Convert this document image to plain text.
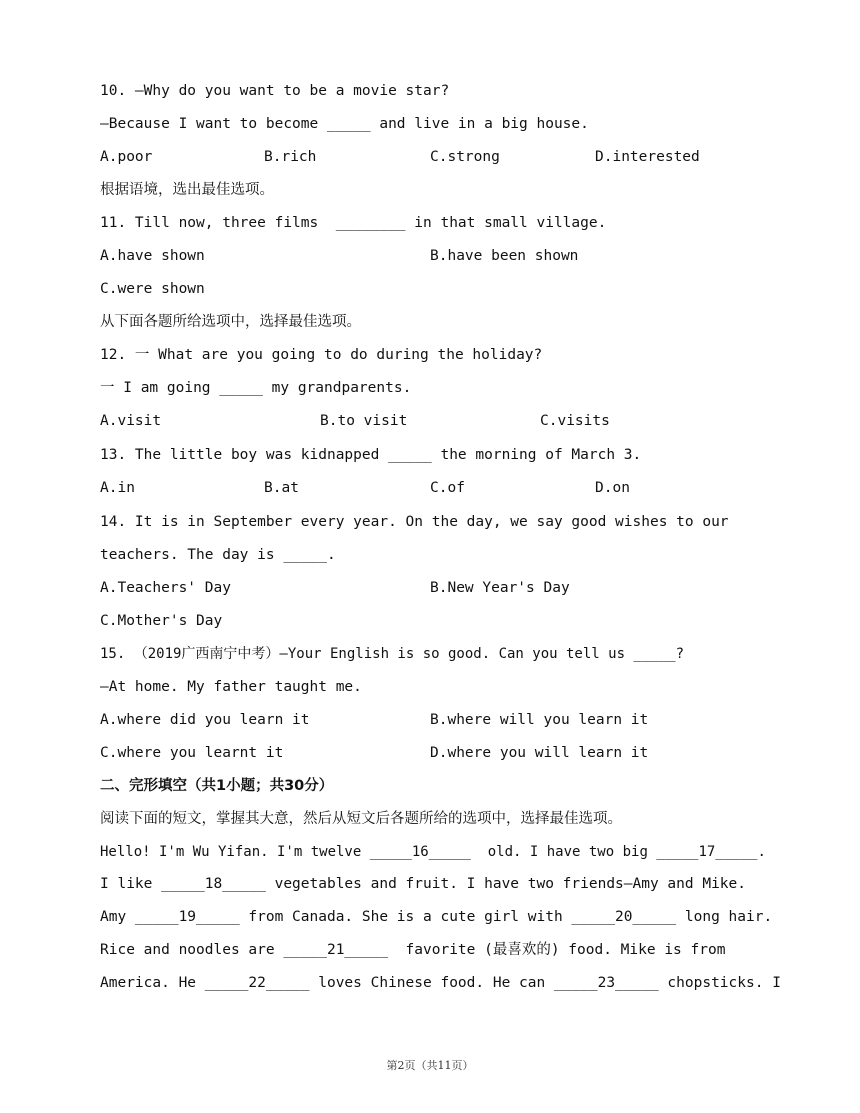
10. —Why do you want to be a movie star?
—Because I want to become _____ and live in a big house.
A.poor	B.rich	C.strong	D.interested
根据语境，选出最佳选项。
11. Till now, three films  ________ in that small village.
A.have shown	B.have been shown
C.were shown
从下面各题所给选项中，选择最佳选项。
12. 一 What are you going to do during the holiday?
一 I am going _____ my grandparents.
A.visit	B.to visit	C.visits
13. The little boy was kidnapped _____ the morning of March 3.
A.in	B.at	C.of	D.on
14. It is in September every year. On the day, we say good wishes to our
teachers. The day is _____.
A.Teachers' Day	B.New Year's Day
C.Mother's Day
15. （2019广西南宁中考）—Your English is so good. Can you tell us _____?
—At home. My father taught me.
A.where did you learn it	B.where will you learn it
C.where you learnt it	D.where you will learn it
二、完形填空（共1小题；共30分）
阅读下面的短文，掌握其大意，然后从短文后各题所给的选项中，选择最佳选项。
Hello! I'm Wu Yifan. I'm twelve _____16_____  old. I have two big _____17_____.
I like _____18_____ vegetables and fruit. I have two friends—Amy and Mike.
Amy _____19_____ from Canada. She is a cute girl with _____20_____ long hair.
Rice and noodles are _____21_____  favorite (最喜欢的) food. Mike is from
America. He _____22_____ loves Chinese food. He can _____23_____ chopsticks. I
第2页（共11页）
